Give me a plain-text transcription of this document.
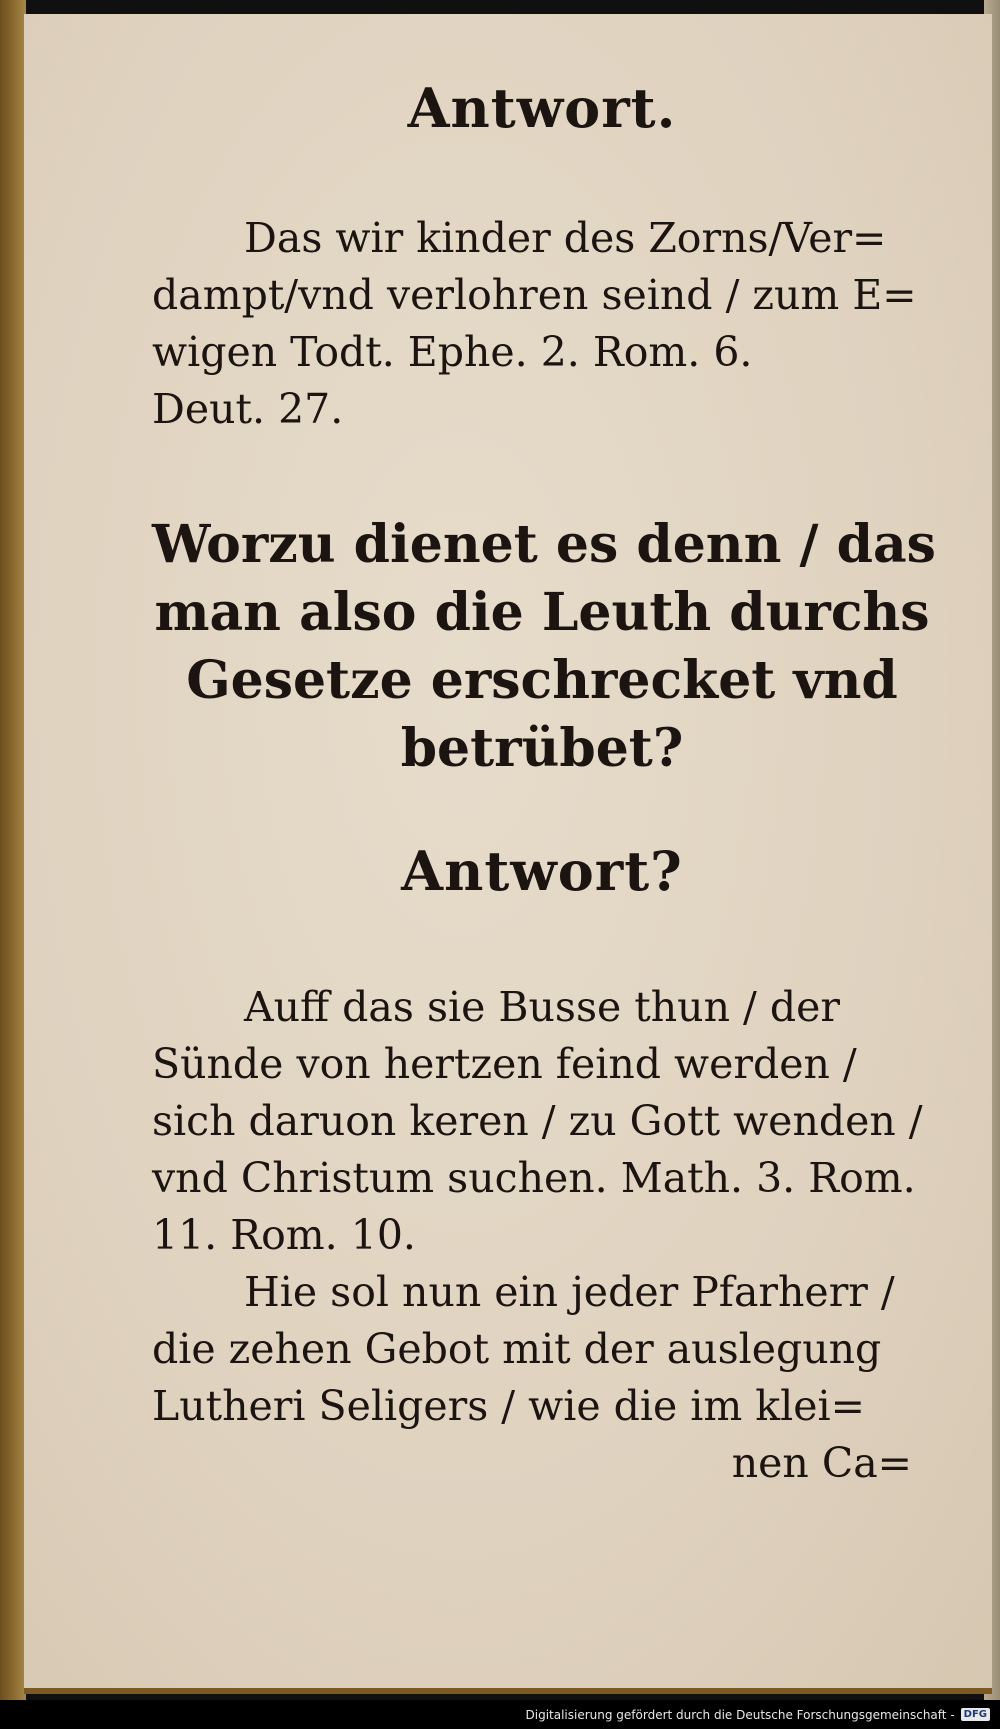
Antwort.
Das wir kinder des Zorns/Ver=
dampt/vnd verlohren seind / zum E=
wigen Todt. Ephe. 2. Rom. 6.
Deut. 27.
Worzu dienet es denn / das
man also die Leuth durchs
Gesetze erschrecket vnd
betrübet?
Antwort?
Auff das sie Busse thun / der
Sünde von hertzen feind werden /
sich daruon keren / zu Gott wenden /
vnd Christum suchen. Math. 3. Rom.
11. Rom. 10.
Hie sol nun ein jeder Pfarherr /
die zehen Gebot mit der auslegung
Lutheri Seligers / wie die im klei=
nen Ca=
Digitalisierung gefördert durch die Deutsche Forschungsgemeinschaft - DFG
